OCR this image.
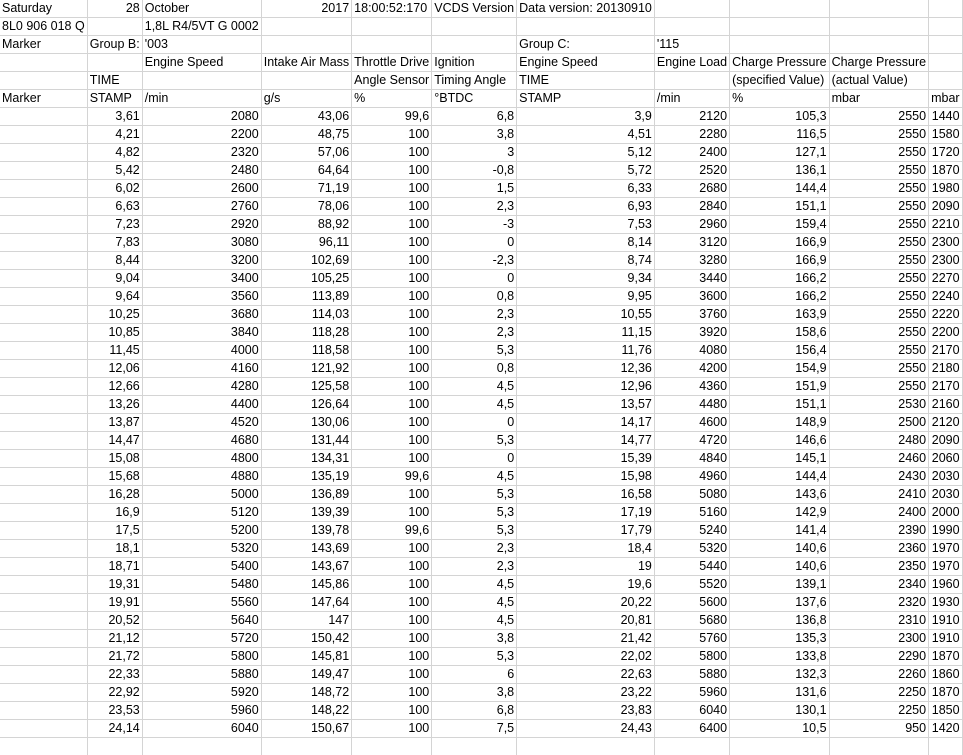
Saturday	28	October	2017	18:00:52:170	VCDS Version	Data version: 20130910				
8L0 906 018 Q		1,8L R4/5VT G 0002								
Marker	Group B:	'003				Group C:	'115			
		Engine Speed	Intake Air Mass	Throttle Drive	Ignition	Engine Speed	Engine Load	Charge Pressure	Charge Pressure	
	TIME			Angle Sensor	Timing Angle	TIME		(specified Value)	(actual Value)	
Marker	STAMP	/min	g/s	%	°BTDC	STAMP	/min	%	mbar	mbar
	3,61	2080	43,06	99,6	6,8	3,9	2120	105,3	2550	1440
	4,21	2200	48,75	100	3,8	4,51	2280	116,5	2550	1580
	4,82	2320	57,06	100	3	5,12	2400	127,1	2550	1720
	5,42	2480	64,64	100	-0,8	5,72	2520	136,1	2550	1870
	6,02	2600	71,19	100	1,5	6,33	2680	144,4	2550	1980
	6,63	2760	78,06	100	2,3	6,93	2840	151,1	2550	2090
	7,23	2920	88,92	100	-3	7,53	2960	159,4	2550	2210
	7,83	3080	96,11	100	0	8,14	3120	166,9	2550	2300
	8,44	3200	102,69	100	-2,3	8,74	3280	166,9	2550	2300
	9,04	3400	105,25	100	0	9,34	3440	166,2	2550	2270
	9,64	3560	113,89	100	0,8	9,95	3600	166,2	2550	2240
	10,25	3680	114,03	100	2,3	10,55	3760	163,9	2550	2220
	10,85	3840	118,28	100	2,3	11,15	3920	158,6	2550	2200
	11,45	4000	118,58	100	5,3	11,76	4080	156,4	2550	2170
	12,06	4160	121,92	100	0,8	12,36	4200	154,9	2550	2180
	12,66	4280	125,58	100	4,5	12,96	4360	151,9	2550	2170
	13,26	4400	126,64	100	4,5	13,57	4480	151,1	2530	2160
	13,87	4520	130,06	100	0	14,17	4600	148,9	2500	2120
	14,47	4680	131,44	100	5,3	14,77	4720	146,6	2480	2090
	15,08	4800	134,31	100	0	15,39	4840	145,1	2460	2060
	15,68	4880	135,19	99,6	4,5	15,98	4960	144,4	2430	2030
	16,28	5000	136,89	100	5,3	16,58	5080	143,6	2410	2030
	16,9	5120	139,39	100	5,3	17,19	5160	142,9	2400	2000
	17,5	5200	139,78	99,6	5,3	17,79	5240	141,4	2390	1990
	18,1	5320	143,69	100	2,3	18,4	5320	140,6	2360	1970
	18,71	5400	143,67	100	2,3	19	5440	140,6	2350	1970
	19,31	5480	145,86	100	4,5	19,6	5520	139,1	2340	1960
	19,91	5560	147,64	100	4,5	20,22	5600	137,6	2320	1930
	20,52	5640	147	100	4,5	20,81	5680	136,8	2310	1910
	21,12	5720	150,42	100	3,8	21,42	5760	135,3	2300	1910
	21,72	5800	145,81	100	5,3	22,02	5800	133,8	2290	1870
	22,33	5880	149,47	100	6	22,63	5880	132,3	2260	1860
	22,92	5920	148,72	100	3,8	23,22	5960	131,6	2250	1870
	23,53	5960	148,22	100	6,8	23,83	6040	130,1	2250	1850
	24,14	6040	150,67	100	7,5	24,43	6400	10,5	950	1420
